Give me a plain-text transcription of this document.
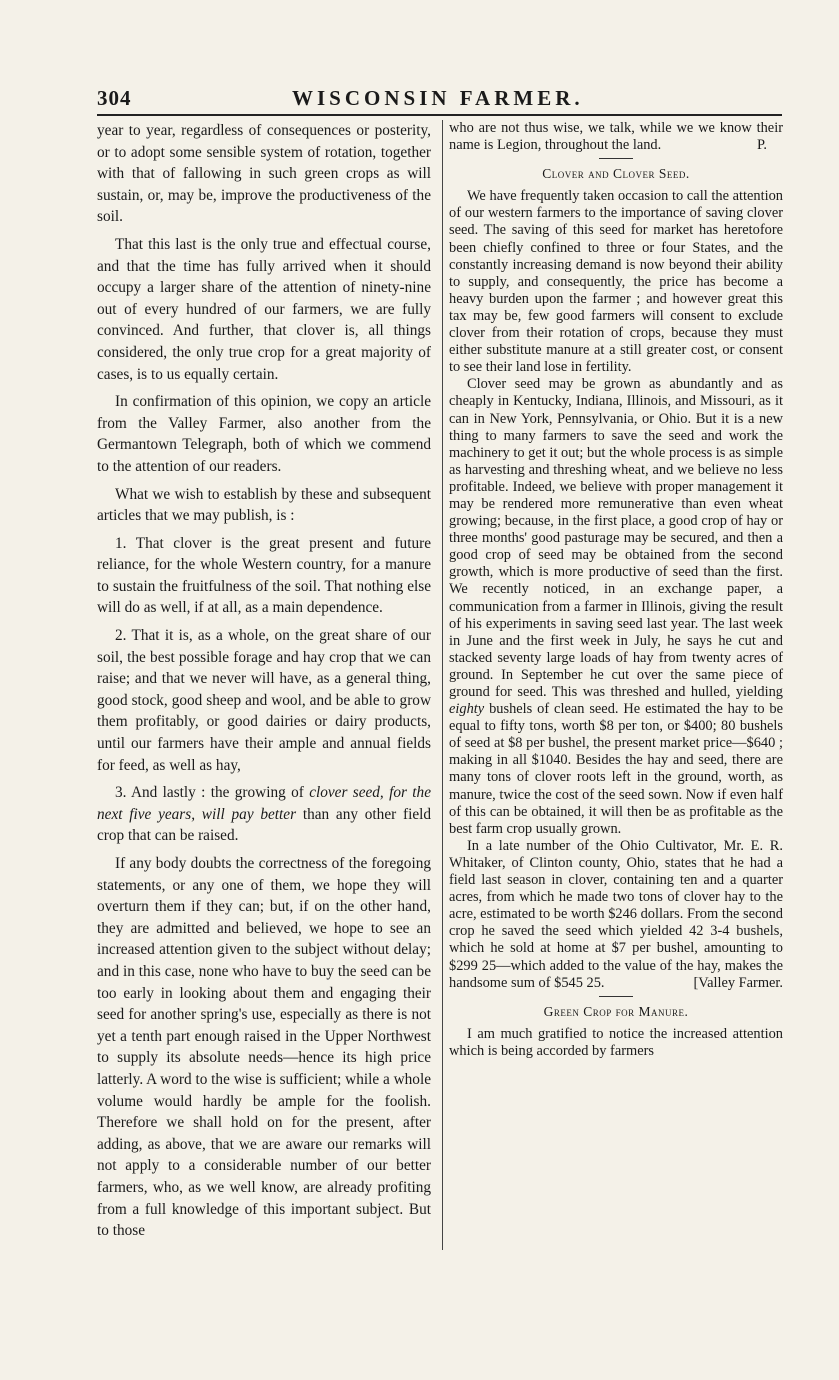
304	WISCONSIN FARMER.

year to year, regardless of consequences or posterity, or to adopt some sensible system of rotation, together with that of fallowing in such green crops as will sustain, or, may be, improve the productiveness of the soil.

That this last is the only true and effectual course, and that the time has fully arrived when it should occupy a larger share of the attention of ninety-nine out of every hundred of our farmers, we are fully convinced. And further, that clover is, all things considered, the only true crop for a great majority of cases, is to us equally certain.

In confirmation of this opinion, we copy an article from the Valley Farmer, also another from the Germantown Telegraph, both of which we commend to the attention of our readers.

What we wish to establish by these and subsequent articles that we may publish, is :

1. That clover is the great present and future reliance, for the whole Western country, for a manure to sustain the fruitfulness of the soil. That nothing else will do as well, if at all, as a main dependence.

2. That it is, as a whole, on the great share of our soil, the best possible forage and hay crop that we can raise; and that we never will have, as a general thing, good stock, good sheep and wool, and be able to grow them profitably, or good dairies or dairy products, until our farmers have their ample and annual fields for feed, as well as hay,

3. And lastly : the growing of clover seed, for the next five years, will pay better than any other field crop that can be raised.

If any body doubts the correctness of the foregoing statements, or any one of them, we hope they will overturn them if they can; but, if on the other hand, they are admitted and believed, we hope to see an increased attention given to the subject without delay; and in this case, none who have to buy the seed can be too early in looking about them and engaging their seed for another spring's use, especially as there is not yet a tenth part enough raised in the Upper Northwest to supply its absolute needs—hence its high price latterly. A word to the wise is sufficient; while a whole volume would hardly be ample for the foolish. Therefore we shall hold on for the present, after adding, as above, that we are aware our remarks will not apply to a considerable number of our better farmers, who, as we well know, are already profiting from a full knowledge of this important subject. But to those

who are not thus wise, we talk, while we we know their name is Legion, throughout the land.	P.

Clover and Clover Seed.

We have frequently taken occasion to call the attention of our western farmers to the importance of saving clover seed. The saving of this seed for market has heretofore been chiefly confined to three or four States, and the constantly increasing demand is now beyond their ability to supply, and consequently, the price has become a heavy burden upon the farmer ; and however great this tax may be, few good farmers will consent to exclude clover from their rotation of crops, because they must either substitute manure at a still greater cost, or consent to see their land lose in fertility.

Clover seed may be grown as abundantly and as cheaply in Kentucky, Indiana, Illinois, and Missouri, as it can in New York, Pennsylvania, or Ohio. But it is a new thing to many farmers to save the seed and work the machinery to get it out; but the whole process is as simple as harvesting and threshing wheat, and we believe no less profitable. Indeed, we believe with proper management it may be rendered more remunerative than even wheat growing; because, in the first place, a good crop of hay or three months' good pasturage may be secured, and then a good crop of seed may be obtained from the second growth, which is more productive of seed than the first. We recently noticed, in an exchange paper, a communication from a farmer in Illinois, giving the result of his experiments in saving seed last year. The last week in June and the first week in July, he says he cut and stacked seventy large loads of hay from twenty acres of ground. In September he cut over the same piece of ground for seed. This was threshed and hulled, yielding eighty bushels of clean seed. He estimated the hay to be equal to fifty tons, worth $8 per ton, or $400; 80 bushels of seed at $8 per bushel, the present market price—$640 ; making in all $1040. Besides the hay and seed, there are many tons of clover roots left in the ground, worth, as manure, twice the cost of the seed sown. Now if even half of this can be obtained, it will then be as profitable as the best farm crop usually grown.

In a late number of the Ohio Cultivator, Mr. E. R. Whitaker, of Clinton county, Ohio, states that he had a field last season in clover, containing ten and a quarter acres, from which he made two tons of clover hay to the acre, estimated to be worth $246 dollars. From the second crop he saved the seed which yielded 42 3-4 bushels, which he sold at home at $7 per bushel, amounting to $299 25—which added to the value of the hay, makes the handsome sum of $545 25.	[Valley Farmer.

Green Crop for Manure.

I am much gratified to notice the increased attention which is being accorded by farmers
